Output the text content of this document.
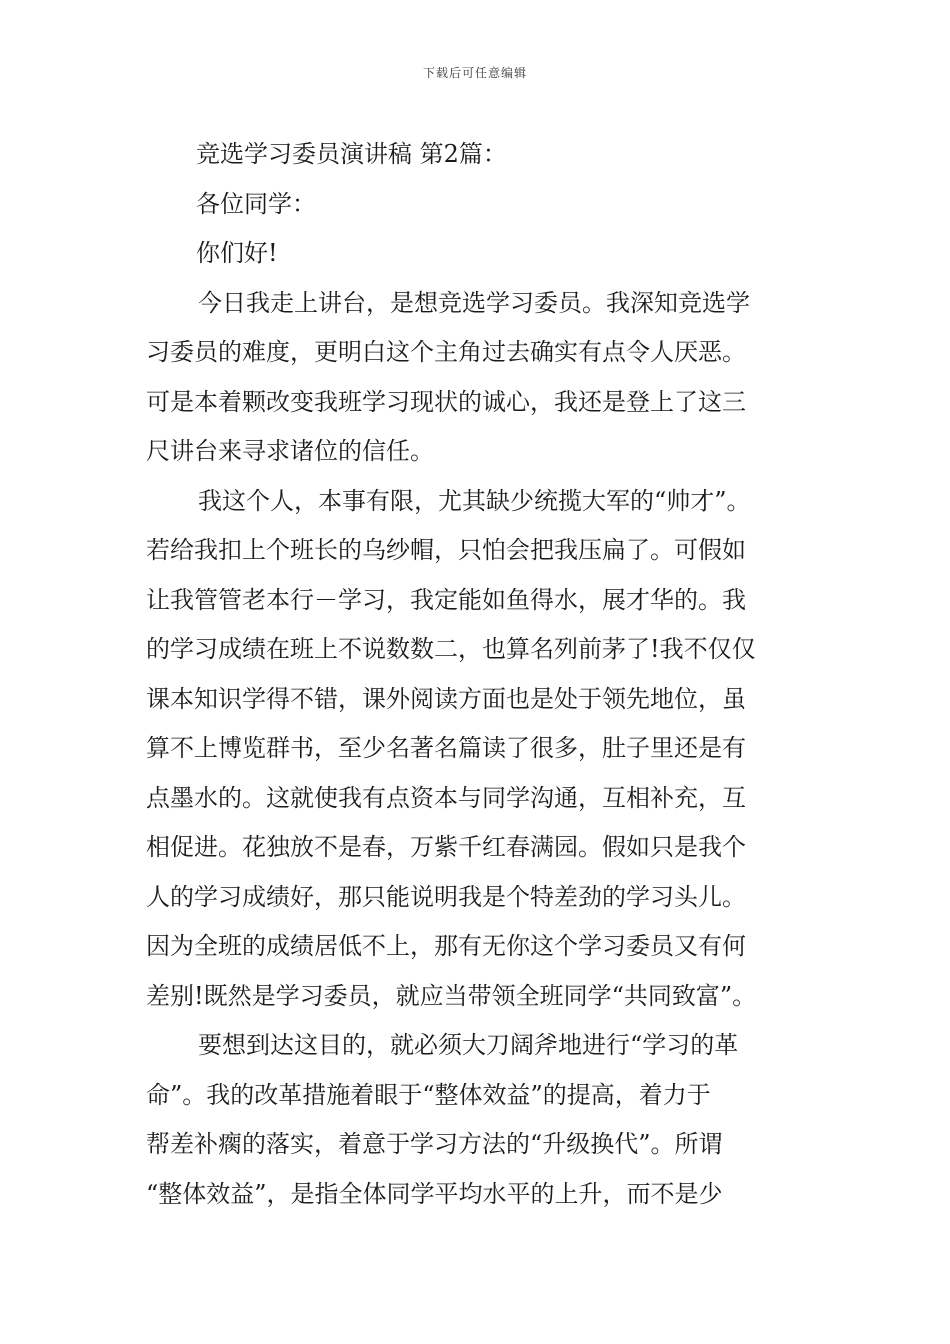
下载后可任意编辑
竞选学习委员演讲稿 第2篇：
各位同学：
你们好!
今日我走上讲台，是想竞选学习委员。我深知竞选学
习委员的难度，更明白这个主角过去确实有点令人厌恶。
可是本着颗改变我班学习现状的诚心，我还是登上了这三
尺讲台来寻求诸位的信任。
我这个人，本事有限，尤其缺少统揽大军的“帅才”。
若给我扣上个班长的乌纱帽，只怕会把我压扁了。可假如
让我管管老本行－学习，我定能如鱼得水，展才华的。我
的学习成绩在班上不说数数二，也算名列前茅了!我不仅仅
课本知识学得不错，课外阅读方面也是处于领先地位，虽
算不上博览群书，至少名著名篇读了很多，肚子里还是有
点墨水的。这就使我有点资本与同学沟通，互相补充，互
相促进。花独放不是春，万紫千红春满园。假如只是我个
人的学习成绩好，那只能说明我是个特差劲的学习头儿。
因为全班的成绩居低不上，那有无你这个学习委员又有何
差别!既然是学习委员，就应当带领全班同学“共同致富”。
要想到达这目的，就必须大刀阔斧地进行“学习的革
命”。我的改革措施着眼于“整体效益”的提高，着力于
帮差补瘸的落实，着意于学习方法的“升级换代”。所谓
“整体效益”，是指全体同学平均水平的上升，而不是少
